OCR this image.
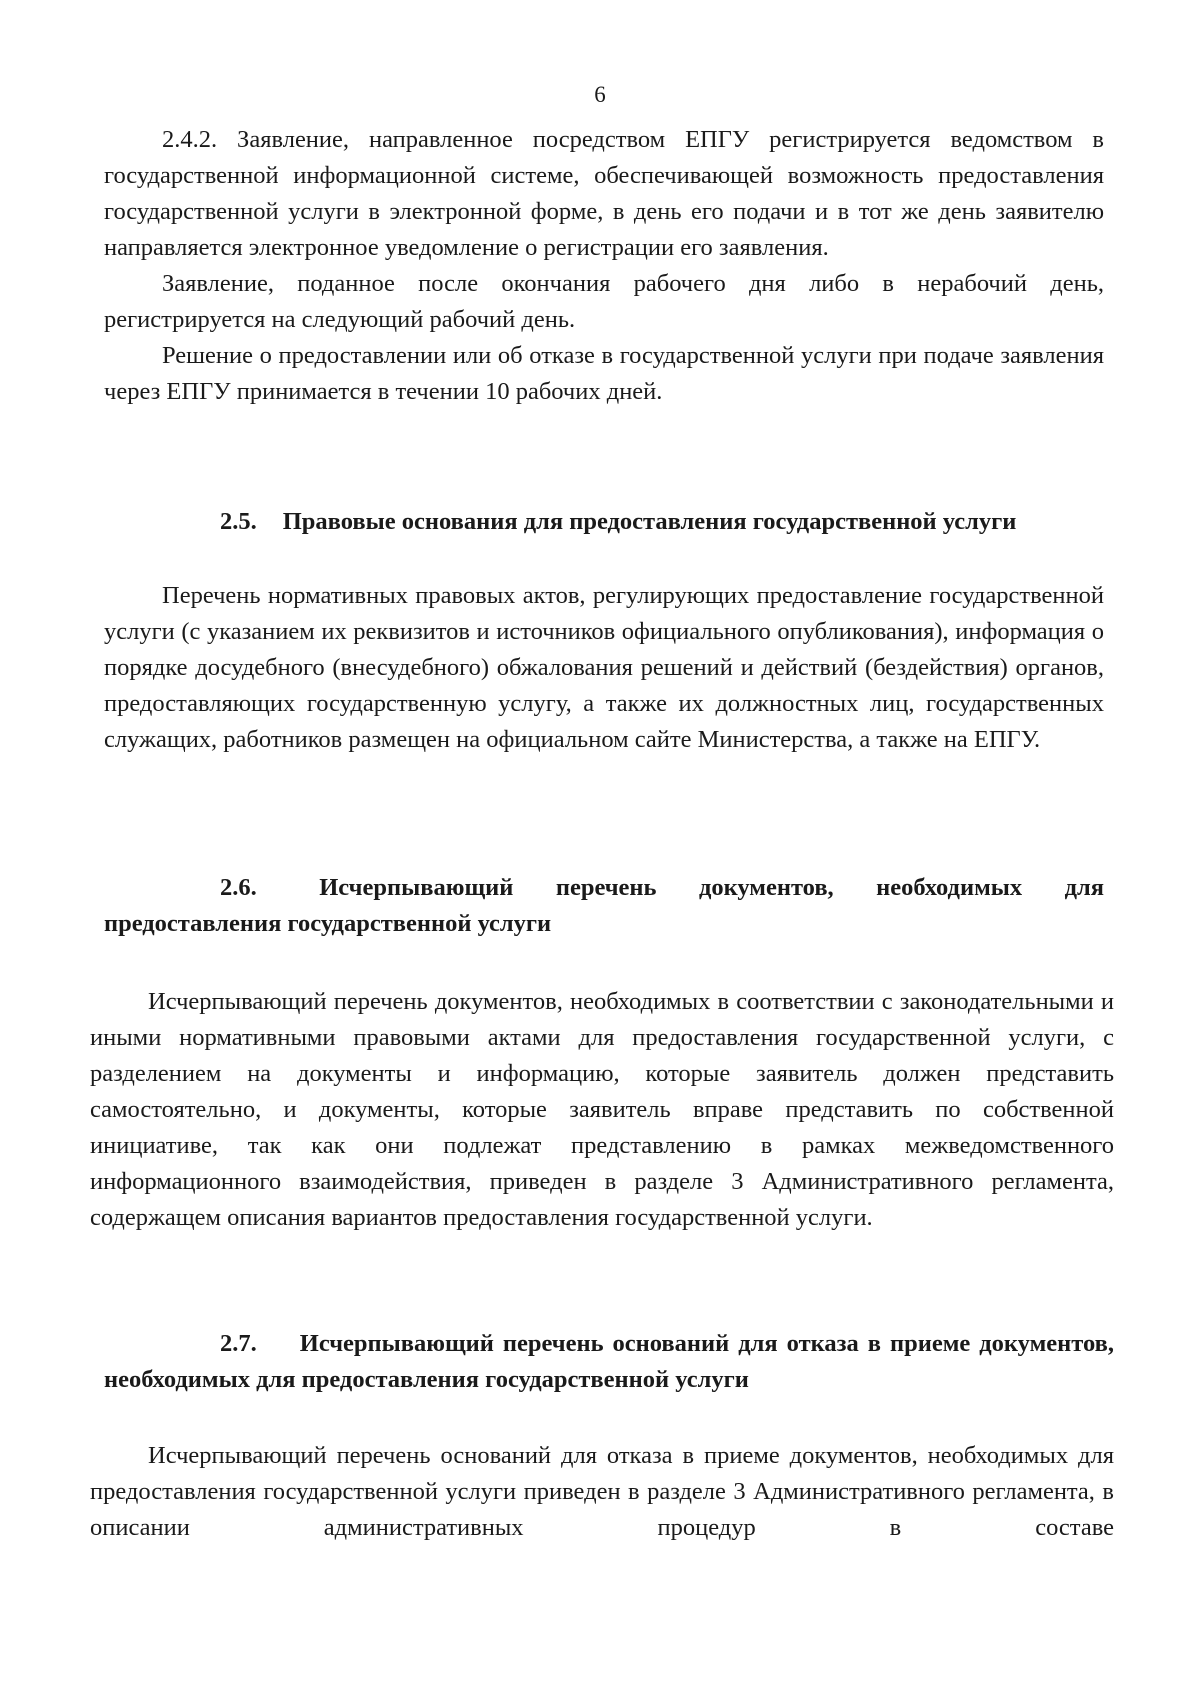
6

2.4.2. Заявление, направленное посредством ЕПГУ регистрируется ведомством в государственной информационной системе, обеспечивающей возможность предоставления государственной услуги в электронной форме, в день его подачи и в тот же день заявителю направляется электронное уведомление о регистрации его заявления.

Заявление, поданное после окончания рабочего дня либо в нерабочий день, регистрируется на следующий рабочий день.

Решение о предоставлении или об отказе в государственной услуги при подаче заявления через ЕПГУ принимается в течении 10 рабочих дней.

2.5. Правовые основания для предоставления государственной услуги

Перечень нормативных правовых актов, регулирующих предоставление государственной услуги (с указанием их реквизитов и источников официального опубликования), информация о порядке досудебного (внесудебного) обжалования решений и действий (бездействия) органов, предоставляющих государственную услугу, а также их должностных лиц, государственных служащих, работников размещен на официальном сайте Министерства, а также на ЕПГУ.

2.6.	Исчерпывающий перечень документов, необходимых для предоставления государственной услуги

Исчерпывающий перечень документов, необходимых в соответствии с законодательными и иными нормативными правовыми актами для предоставления государственной услуги, с разделением на документы и информацию, которые заявитель должен представить самостоятельно, и документы, которые заявитель вправе представить по собственной инициативе, так как они подлежат представлению в рамках межведомственного информационного взаимодействия, приведен в разделе 3 Административного регламента, содержащем описания вариантов предоставления государственной услуги.

2.7. Исчерпывающий перечень оснований для отказа в приеме документов, необходимых для предоставления государственной услуги

Исчерпывающий перечень оснований для отказа в приеме документов, необходимых для предоставления государственной услуги приведен в разделе 3 Административного регламента, в описании административных процедур в составе
